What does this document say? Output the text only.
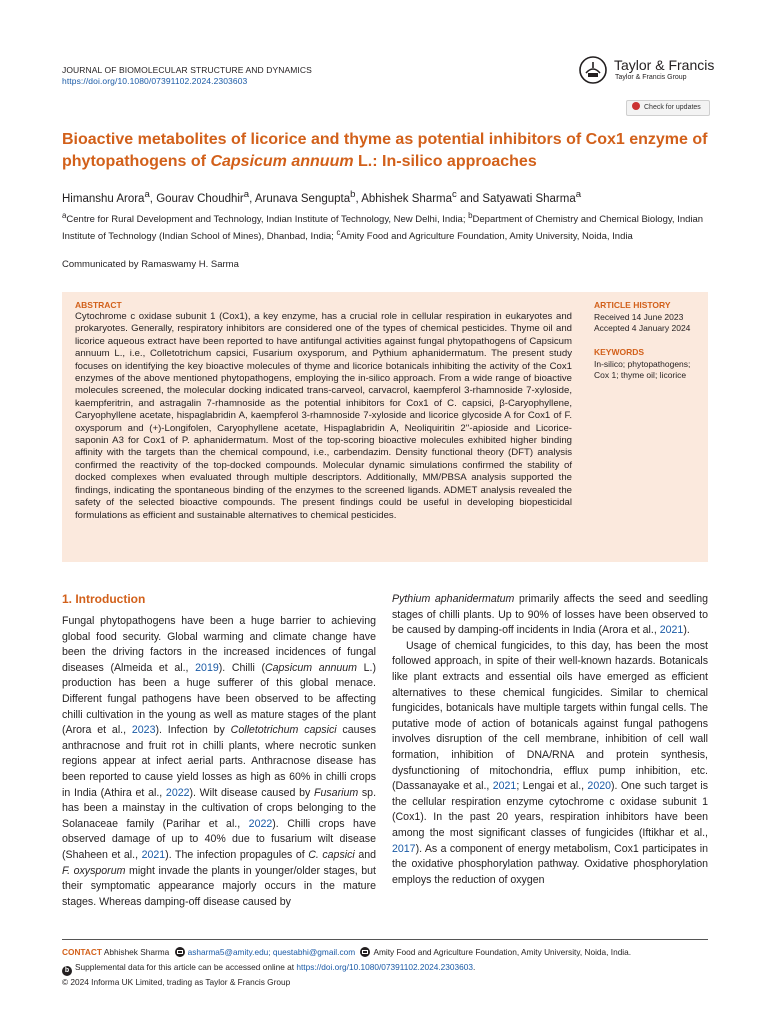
JOURNAL OF BIOMOLECULAR STRUCTURE AND DYNAMICS
https://doi.org/10.1080/07391102.2024.2303603
Taylor & Francis
Taylor & Francis Group
Check for updates
Bioactive metabolites of licorice and thyme as potential inhibitors of Cox1 enzyme of phytopathogens of Capsicum annuum L.: In-silico approaches
Himanshu Arora$^a$, Gourav Choudhir$^a$, Arunava Sengupta$^b$, Abhishek Sharma$^c$ and Satyawati Sharma$^a$
$^a$Centre for Rural Development and Technology, Indian Institute of Technology, New Delhi, India; $^b$Department of Chemistry and Chemical Biology, Indian Institute of Technology (Indian School of Mines), Dhanbad, India; $^c$Amity Food and Agriculture Foundation, Amity University, Noida, India
Communicated by Ramaswamy H. Sarma
ABSTRACT
Cytochrome c oxidase subunit 1 (Cox1), a key enzyme, has a crucial role in cellular respiration in eukaryotes and prokaryotes. Generally, respiratory inhibitors are considered one of the types of chemical pesticides. Thyme oil and licorice aqueous extract have been reported to have antifungal activities against fungal phytopathogens of Capsicum annuum L., i.e., Colletotrichum capsici, Fusarium oxysporum, and Pythium aphanidermatum. The present study focuses on identifying the key bioactive molecules of thyme and licorice botanicals inhibiting the activity of the Cox1 enzymes of the above mentioned phytopathogens, employing the in-silico approach. From a wide range of bioactive molecules screened, the molecular docking indicated trans-carveol, carvacrol, kaempferol 3-rhamnoside 7-xyloside, kaempferitrin, and astragalin 7-rhamnoside as the potential inhibitors for Cox1 of C. capsici, β-Caryophyllene, Caryophyllene acetate, hispaglabridin A, kaempferol 3-rhamnoside 7-xyloside and licorice glycoside A for Cox1 of F. oxysporum and (+)-Longifolen, Caryophyllene acetate, Hispaglabridin A, Neoliquiritin 2''-apioside and Licorice-saponin A3 for Cox1 of P. aphanidermatum. Most of the top-scoring bioactive molecules exhibited higher binding affinity with the targets than the chemical compound, i.e., carbendazim. Density functional theory (DFT) analysis confirmed the reactivity of the top-docked compounds. Molecular dynamic simulations confirmed the stability of docked complexes when evaluated through multiple descriptors. Additionally, MM/PBSA analysis supported the findings, indicating the spontaneous binding of the enzymes to the screened ligands. ADMET analysis revealed the safety of the selected bioactive compounds. The present findings could be useful in developing biopesticidal formulations as efficient and sustainable alternatives to chemical pesticides.
ARTICLE HISTORY
Received 14 June 2023
Accepted 4 January 2024
KEYWORDS
In-silico; phytopathogens; Cox 1; thyme oil; licorice
1. Introduction

Fungal phytopathogens have been a huge barrier to achieving global food security. Global warming and climate change have been the driving factors in the increased incidences of fungal diseases (Almeida et al., 2019). Chilli (Capsicum annuum L.) production has been a huge sufferer of this global menace. Different fungal pathogens have been observed to be affecting chilli cultivation in the young as well as mature stages of the plant (Arora et al., 2023). Infection by Colletotrichum capsici causes anthracnose and fruit rot in chilli plants, where necrotic sunken regions appear at infect aerial parts. Anthracnose disease has been reported to cause yield losses as high as 60% in chilli crops in India (Athira et al., 2022). Wilt disease caused by Fusarium sp. has been a mainstay in the cultivation of crops belonging to the Solanaceae family (Parihar et al., 2022). Chilli crops have observed damage of up to 40% due to fusarium wilt disease (Shaheen et al., 2021). The infection propagules of C. capsici and F. oxysporum might invade the plants in younger/older stages, but their symptomatic appearance majorly occurs in the mature stages. Whereas damping-off disease caused by

Pythium aphanidermatum primarily affects the seed and seedling stages of chilli plants. Up to 90% of losses have been observed to be caused by damping-off incidents in India (Arora et al., 2021).

Usage of chemical fungicides, to this day, has been the most followed approach, in spite of their well-known hazards. Botanicals like plant extracts and essential oils have emerged as efficient alternatives to these chemical fungicides. Similar to chemical fungicides, botanicals have multiple targets within fungal cells. The putative mode of action of botanicals against fungal pathogens involves disruption of the cell membrane, inhibition of cell wall formation, inhibition of DNA/RNA and protein synthesis, dysfunctioning of mitochondria, efflux pump inhibition, etc. (Dassanayake et al., 2021; Lengai et al., 2020). One such target is the cellular respiration enzyme cytochrome c oxidase subunit 1 (Cox1). In the past 20 years, respiration inhibitors have been among the most significant classes of fungicides (Iftikhar et al., 2017). As a component of energy metabolism, Cox1 participates in the oxidative phosphorylation pathway. Oxidative phosphorylation employs the reduction of oxygen

CONTACT Abhishek Sharma asharma5@amity.edu; questabhi@gmail.com Amity Food and Agriculture Foundation, Amity University, Noida, India.
b Supplemental data for this article can be accessed online at https://doi.org/10.1080/07391102.2024.2303603.
© 2024 Informa UK Limited, trading as Taylor & Francis Group
